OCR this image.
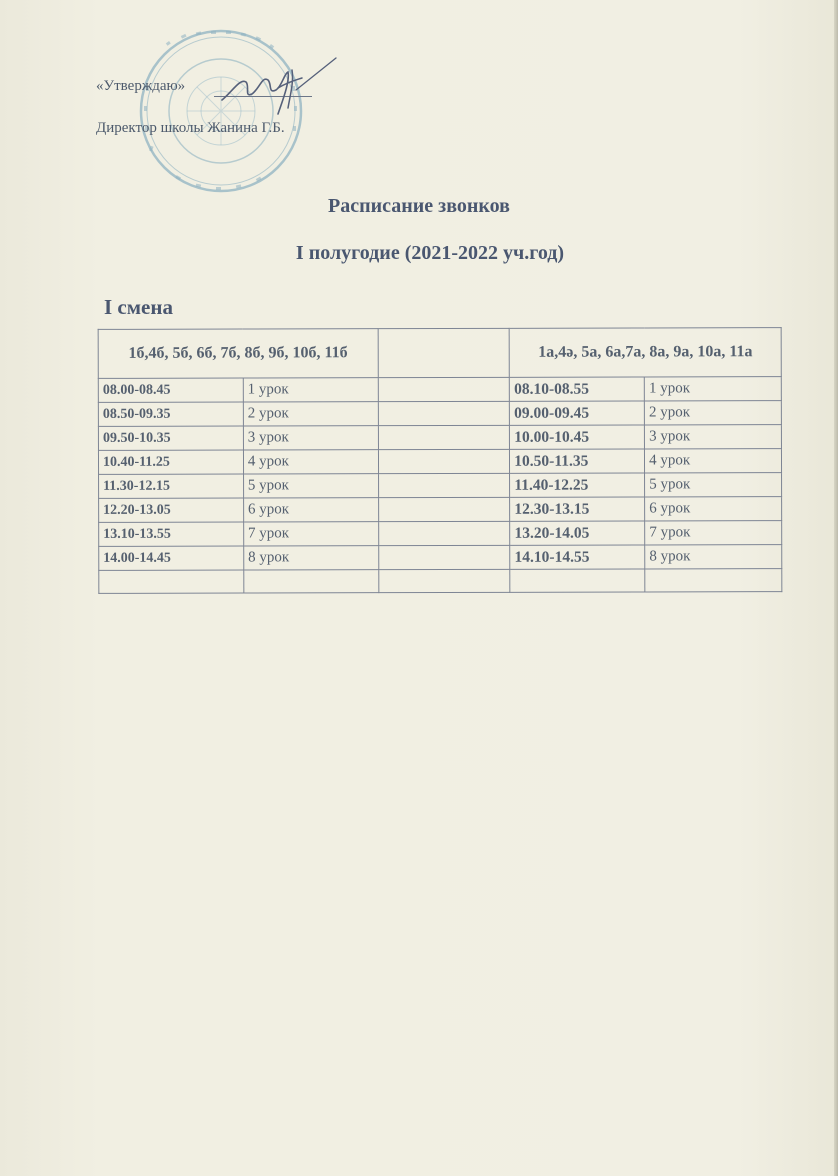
«Утверждаю»
Директор школы Жанина Г.Б.
Расписание звонков
I полугодие (2021-2022 уч.год)
I смена
1б,4б, 5б, 6б, 7б, 8б, 9б, 10б, 11б			1а,4ә, 5а, 6а,7а, 8а, 9а, 10а, 11а	
08.00-08.45	1 урок		08.10-08.55	1 урок
08.50-09.35	2 урок		09.00-09.45	2 урок
09.50-10.35	3 урок		10.00-10.45	3 урок
10.40-11.25	4 урок		10.50-11.35	4 урок
11.30-12.15	5 урок		11.40-12.25	5 урок
12.20-13.05	6 урок		12.30-13.15	6 урок
13.10-13.55	7 урок		13.20-14.05	7 урок
14.00-14.45	8 урок		14.10-14.55	8 урок
